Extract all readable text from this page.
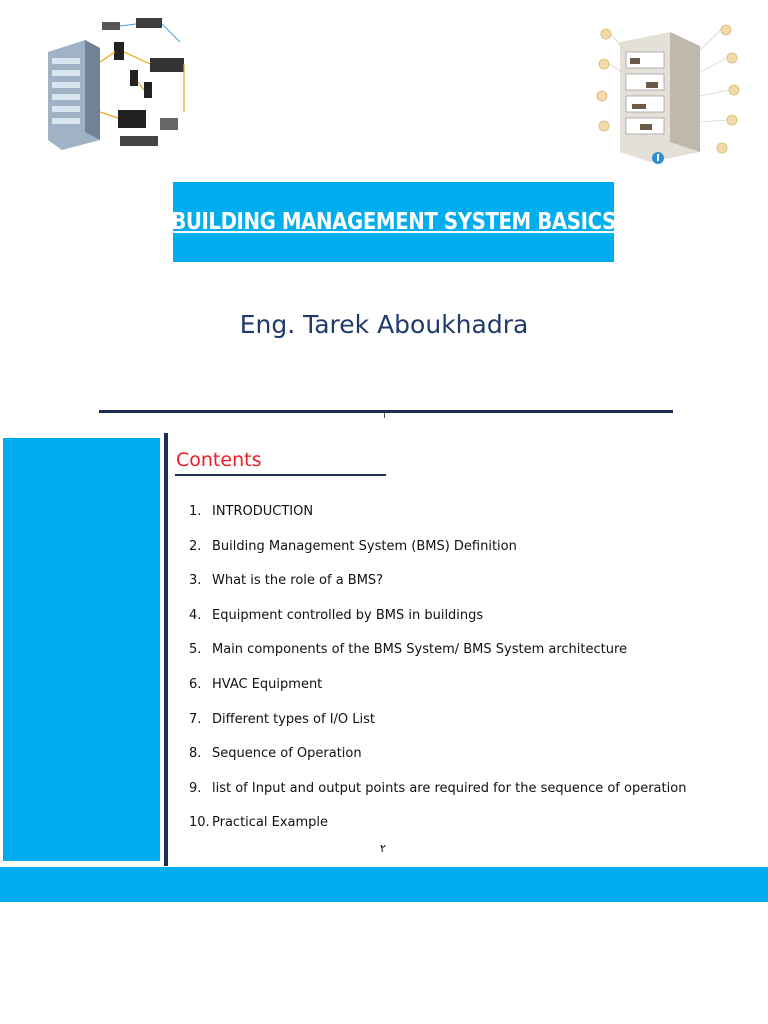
BUILDING MANAGEMENT SYSTEM BASICS
Eng. Tarek Aboukhadra
Contents
1. INTRODUCTION
2. Building Management System (BMS) Definition
3. What is the role of a BMS?
4. Equipment controlled by BMS in buildings
5. Main components of the BMS System/ BMS System architecture
6. HVAC Equipment
7. Different types of I/O List
8. Sequence of Operation
9. list of Input and output points are required for the sequence of operation
10. Practical Example
٢
